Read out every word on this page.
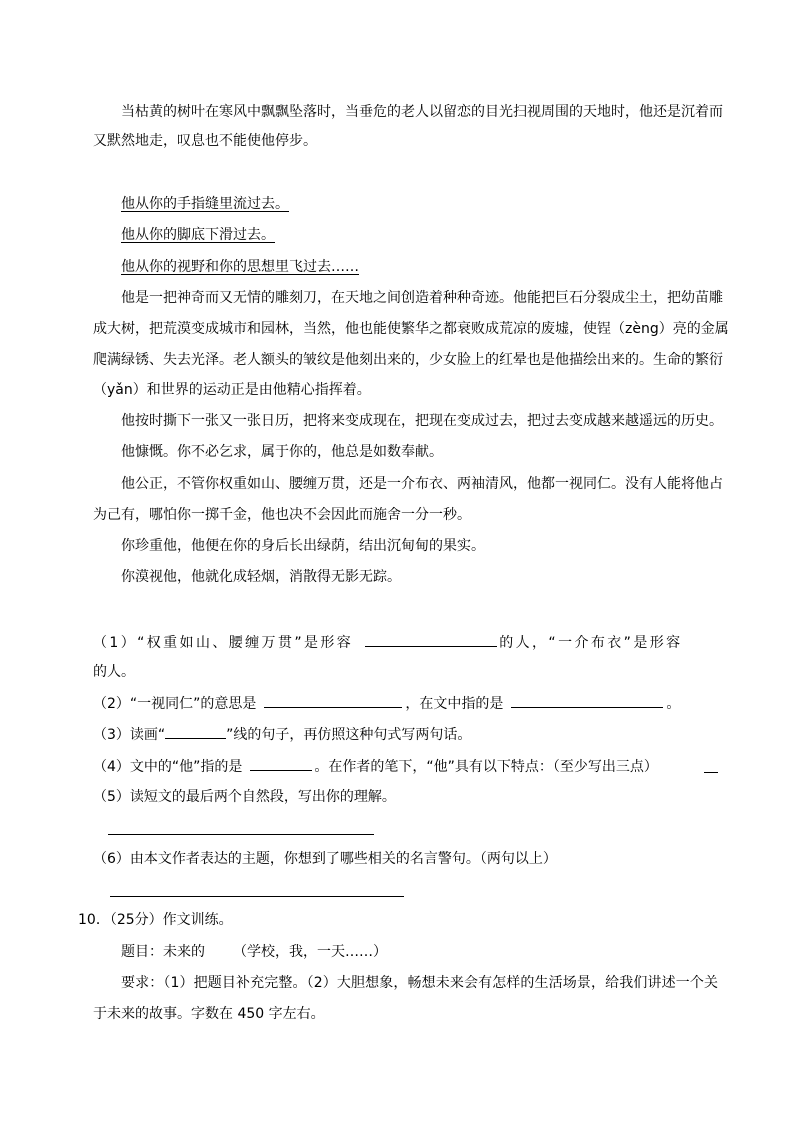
当枯黄的树叶在寒风中飘飘坠落时，当垂危的老人以留恋的目光扫视周围的天地时，他还是沉着而
又默然地走，叹息也不能使他停步。
他从你的手指缝里流过去。
他从你的脚底下滑过去。
他从你的视野和你的思想里飞过去……
他是一把神奇而又无情的雕刻刀，在天地之间创造着种种奇迹。他能把巨石分裂成尘土，把幼苗雕
成大树，把荒漠变成城市和园林，当然，他也能使繁华之都衰败成荒凉的废墟，使锃（zèng）亮的金属
爬满绿锈、失去光泽。老人额头的皱纹是他刻出来的，少女脸上的红晕也是他描绘出来的。生命的繁衍
（yǎn）和世界的运动正是由他精心指挥着。
他按时撕下一张又一张日历，把将来变成现在，把现在变成过去，把过去变成越来越遥远的历史。
他慷慨。你不必乞求，属于你的，他总是如数奉献。
他公正，不管你权重如山、腰缠万贯，还是一介布衣、两袖清风，他都一视同仁。没有人能将他占
为己有，哪怕你一掷千金，他也决不会因此而施舍一分一秒。
你珍重他，他便在你的身后长出绿荫，结出沉甸甸的果实。
你漠视他，他就化成轻烟，消散得无影无踪。
（1）“权重如山、腰缠万贯”是形容	的人，“一介布衣”是形容
的人。
（2）“一视同仁”的意思是	，在文中指的是	。
（3）读画“	”线的句子，再仿照这种句式写两句话。
（4）文中的“他”指的是	。在作者的笔下，“他”具有以下特点：（至少写出三点）
（5）读短文的最后两个自然段，写出你的理解。
（6）由本文作者表达的主题，你想到了哪些相关的名言警句。（两句以上）
10．（25分）作文训练。
题目：未来的 （学校，我，一天……）
要求：（1）把题目补充完整。（2）大胆想象，畅想未来会有怎样的生活场景，给我们讲述一个关
于未来的故事。字数在 450 字左右。
